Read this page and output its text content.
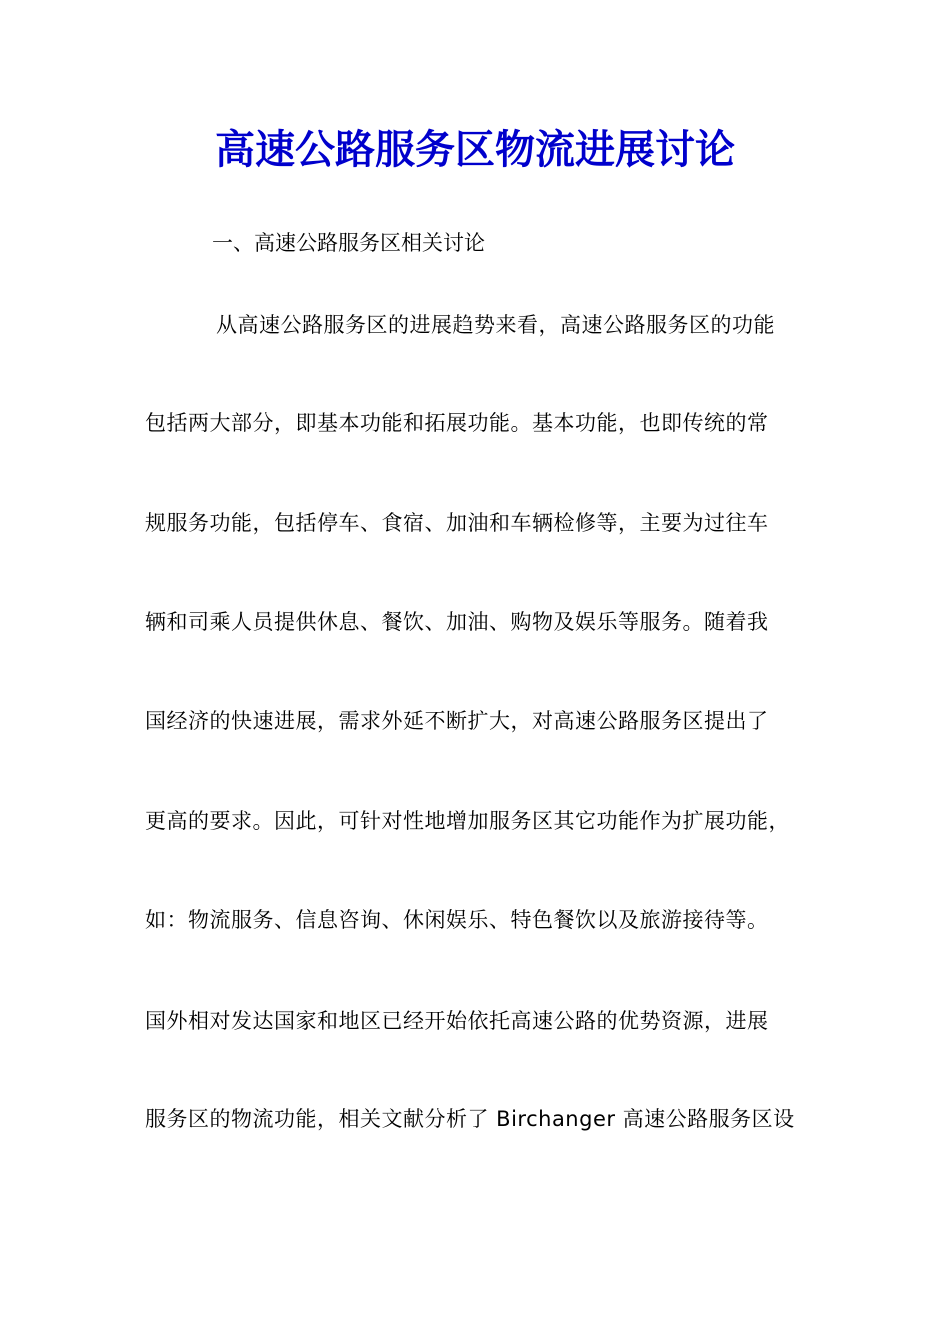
高速公路服务区物流进展讨论
一、高速公路服务区相关讨论
从高速公路服务区的进展趋势来看，高速公路服务区的功能
包括两大部分，即基本功能和拓展功能。基本功能，也即传统的常
规服务功能，包括停车、食宿、加油和车辆检修等，主要为过往车
辆和司乘人员提供休息、餐饮、加油、购物及娱乐等服务。随着我
国经济的快速进展，需求外延不断扩大，对高速公路服务区提出了
更高的要求。因此，可针对性地增加服务区其它功能作为扩展功能，
如：物流服务、信息咨询、休闲娱乐、特色餐饮以及旅游接待等。
国外相对发达国家和地区已经开始依托高速公路的优势资源，进展
服务区的物流功能，相关文献分析了 Birchanger 高速公路服务区设
